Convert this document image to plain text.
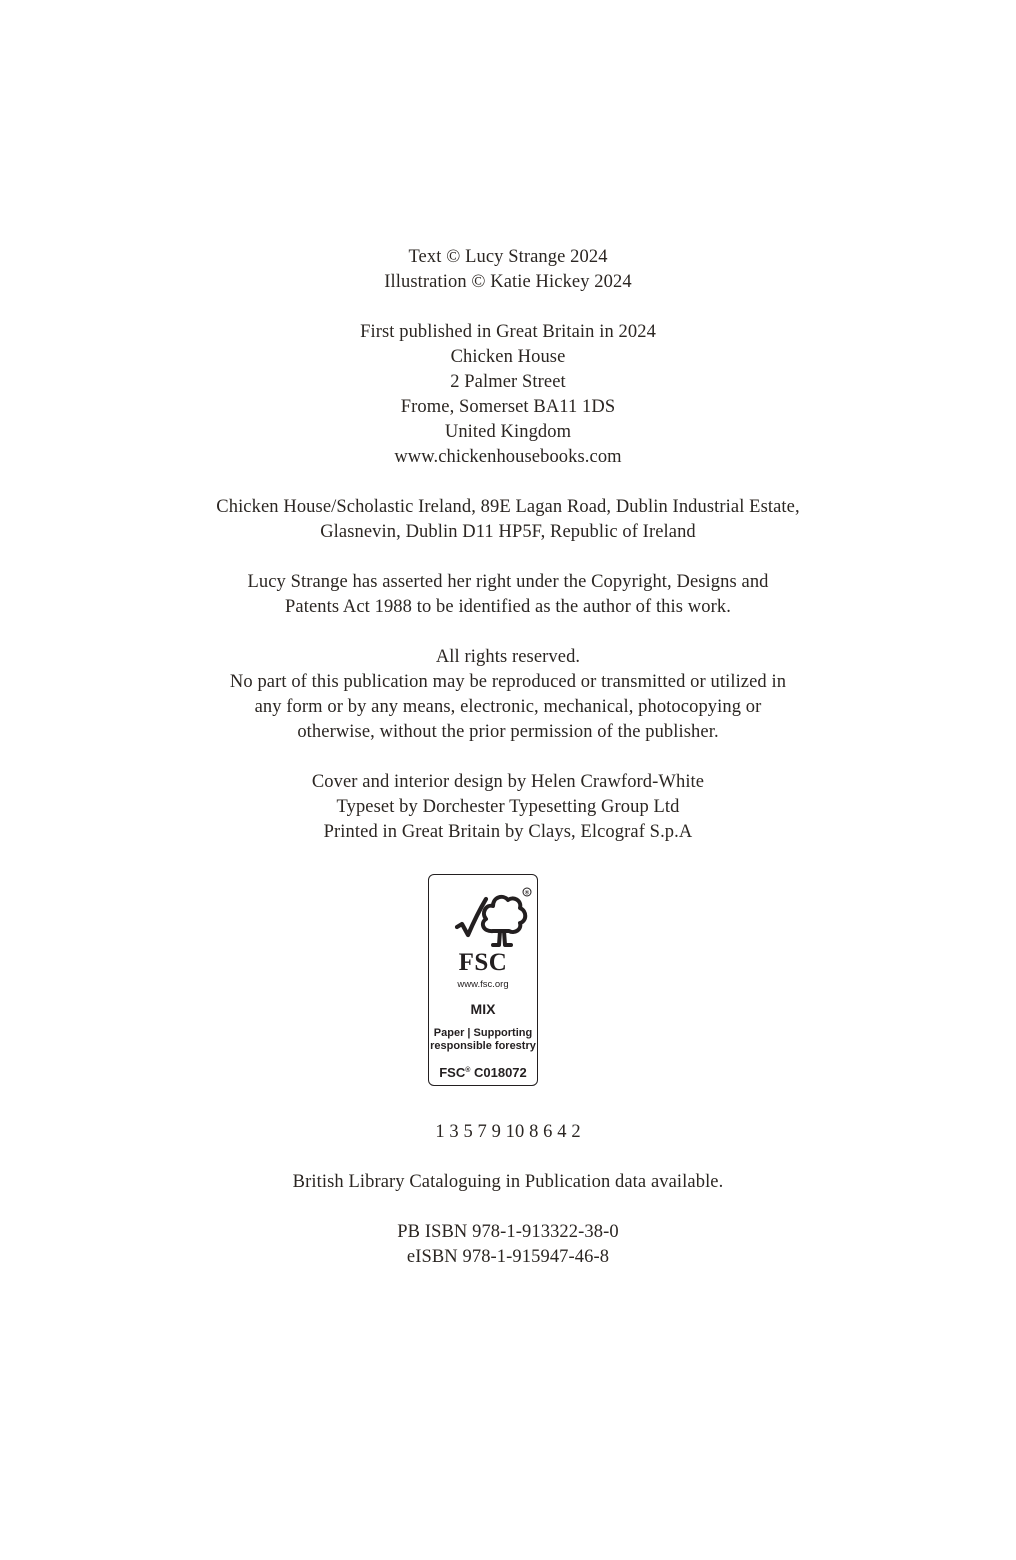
Text © Lucy Strange 2024
Illustration © Katie Hickey 2024
First published in Great Britain in 2024
Chicken House
2 Palmer Street
Frome, Somerset BA11 1DS
United Kingdom
www.chickenhousebooks.com
Chicken House/Scholastic Ireland, 89E Lagan Road, Dublin Industrial Estate,
Glasnevin, Dublin D11 HP5F, Republic of Ireland
Lucy Strange has asserted her right under the Copyright, Designs and
Patents Act 1988 to be identified as the author of this work.
All rights reserved.
No part of this publication may be reproduced or transmitted or utilized in
any form or by any means, electronic, mechanical, photocopying or
otherwise, without the prior permission of the publisher.
Cover and interior design by Helen Crawford-White
Typeset by Dorchester Typesetting Group Ltd
Printed in Great Britain by Clays, Elcograf S.p.A
®
FSC
www.fsc.org
MIX
Paper | Supporting
responsible forestry
FSC® C018072
1 3 5 7 9 10 8 6 4 2
British Library Cataloguing in Publication data available.
PB ISBN 978-1-913322-38-0
eISBN 978-1-915947-46-8
